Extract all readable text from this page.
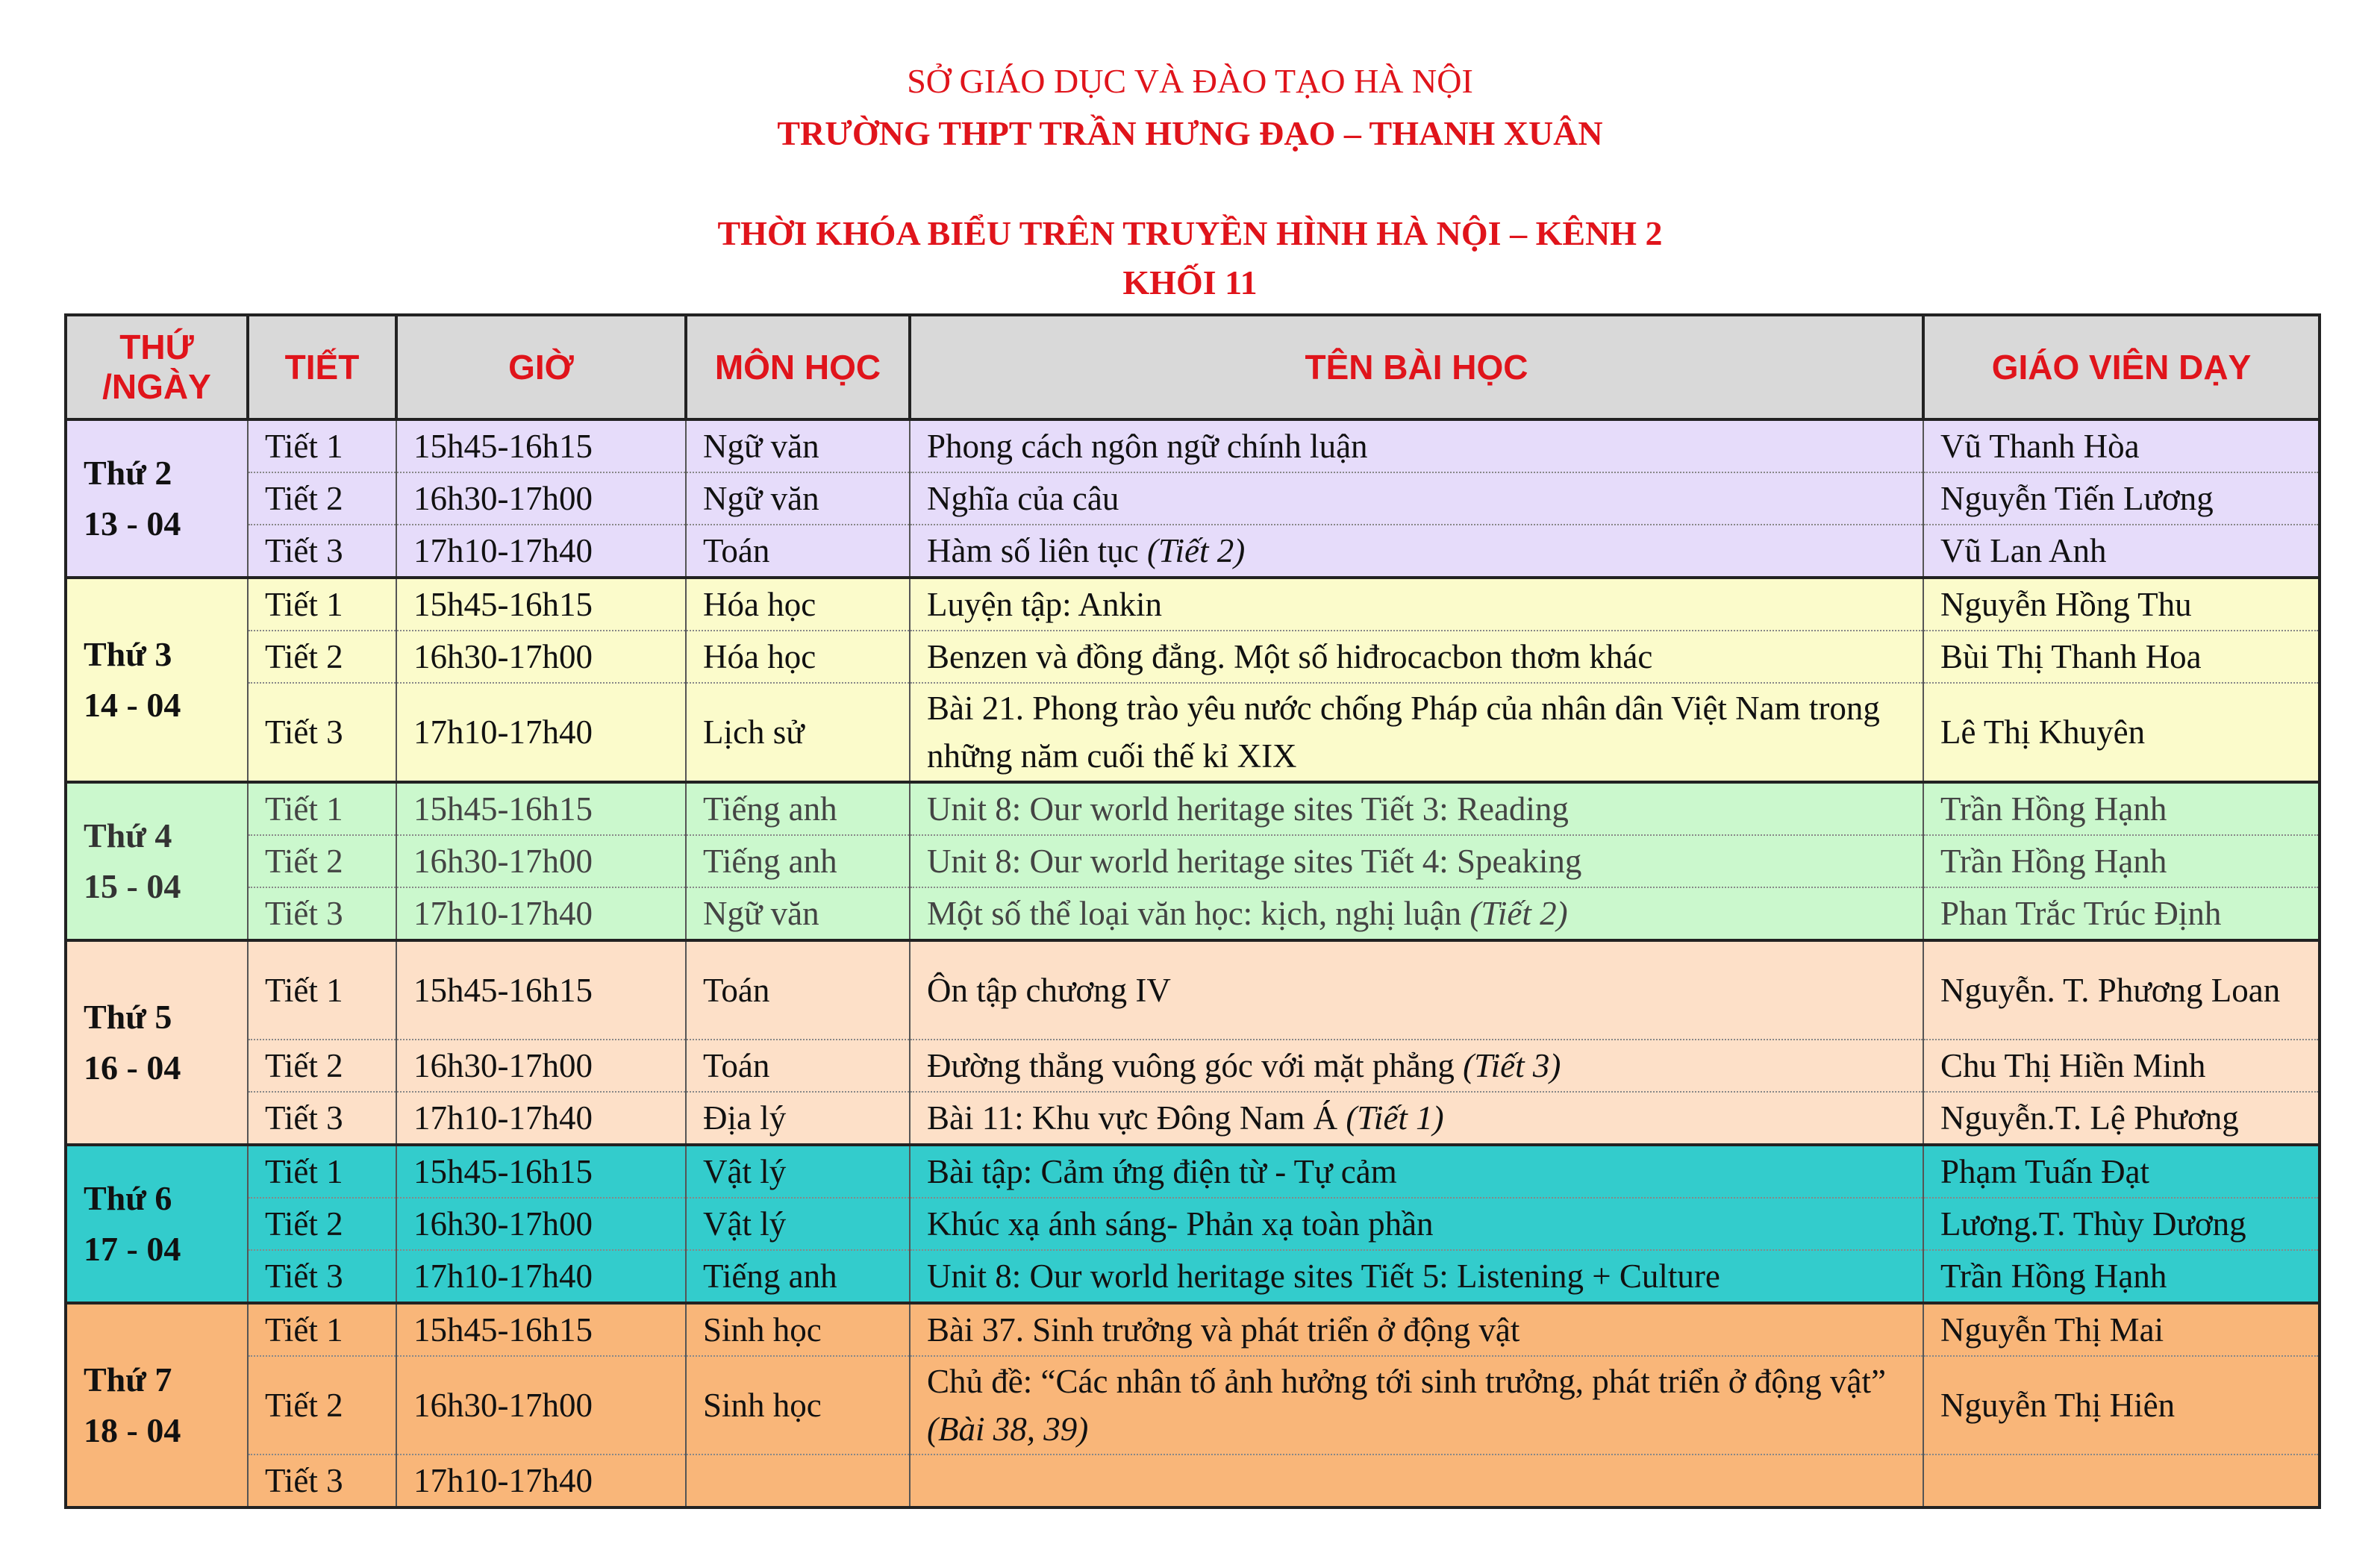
SỞ GIÁO DỤC VÀ ĐÀO TẠO HÀ NỘI
TRƯỜNG THPT TRẦN HƯNG ĐẠO – THANH XUÂN
THỜI KHÓA BIỂU TRÊN TRUYỀN HÌNH HÀ NỘI – KÊNH 2
KHỐI 11
THỨ /NGÀY	TIẾT	GIỜ	MÔN HỌC	TÊN BÀI HỌC	GIÁO VIÊN DẠY

Thứ 2
13 - 04	Tiết 1	15h45-16h15	Ngữ văn	Phong cách ngôn ngữ chính luận	Vũ Thanh Hòa
	Tiết 2	16h30-17h00	Ngữ văn	Nghĩa của câu	Nguyễn Tiến Lương
	Tiết 3	17h10-17h40	Toán	Hàm số liên tục (Tiết 2)	Vũ Lan Anh

Thứ 3
14 - 04	Tiết 1	15h45-16h15	Hóa học	Luyện tập: Ankin	Nguyễn Hồng Thu
	Tiết 2	16h30-17h00	Hóa học	Benzen và đồng đẳng. Một số hiđrocacbon thơm khác	Bùi Thị Thanh Hoa
	Tiết 3	17h10-17h40	Lịch sử	Bài 21. Phong trào yêu nước chống Pháp của nhân dân Việt Nam trong những năm cuối thế kỉ XIX	Lê Thị Khuyên

Thứ 4
15 - 04	Tiết 1	15h45-16h15	Tiếng anh	Unit 8: Our world heritage sites Tiết 3: Reading	Trần Hồng Hạnh
	Tiết 2	16h30-17h00	Tiếng anh	Unit 8: Our world heritage sites Tiết 4: Speaking	Trần Hồng Hạnh
	Tiết 3	17h10-17h40	Ngữ văn	Một số thể loại văn học: kịch, nghị luận (Tiết 2)	Phan Trắc Trúc Định

Thứ 5
16 - 04	Tiết 1	15h45-16h15	Toán	Ôn tập chương IV	Nguyễn. T. Phương Loan
	Tiết 2	16h30-17h00	Toán	Đường thẳng vuông góc với mặt phẳng (Tiết 3)	Chu Thị Hiền Minh
	Tiết 3	17h10-17h40	Địa lý	Bài 11: Khu vực Đông Nam Á (Tiết 1)	Nguyễn.T. Lệ Phương

Thứ 6
17 - 04	Tiết 1	15h45-16h15	Vật lý	Bài tập: Cảm ứng điện từ - Tự cảm	Phạm Tuấn Đạt
	Tiết 2	16h30-17h00	Vật lý	Khúc xạ ánh sáng- Phản xạ toàn phần	Lương.T. Thùy Dương
	Tiết 3	17h10-17h40	Tiếng anh	Unit 8: Our world heritage sites Tiết 5: Listening + Culture	Trần Hồng Hạnh

Thứ 7
18 - 04	Tiết 1	15h45-16h15	Sinh học	Bài 37. Sinh trưởng và phát triển ở động vật	Nguyễn Thị Mai
	Tiết 2	16h30-17h00	Sinh học	Chủ đề: “Các nhân tố ảnh hưởng tới sinh trưởng, phát triển ở động vật” (Bài 38, 39)	Nguyễn Thị Hiên
	Tiết 3	17h10-17h40			
